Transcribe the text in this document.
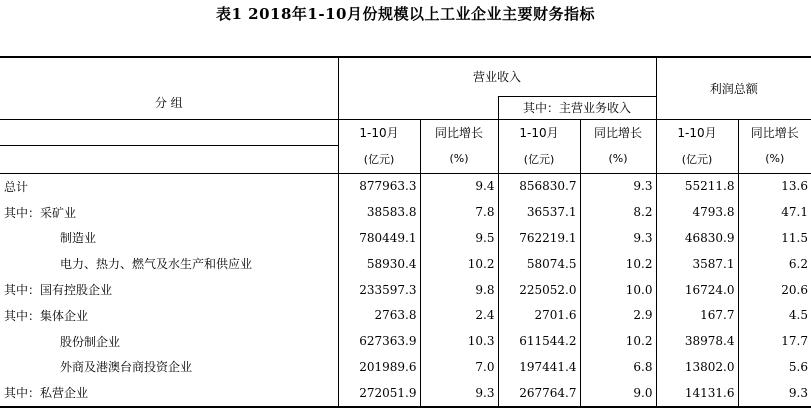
表1 2018年1-10月份规模以上工业企业主要财务指标
分 组	营业收入				利润总额	
			其中：主营业务收入			
	1-10月	同比增长	1-10月	同比增长	1-10月	同比增长
	(亿元)	(%)	(亿元)	(%)	(亿元)	(%)
总计	877963.3	9.4	856830.7	9.3	55211.8	13.6
其中：采矿业	38583.8	7.8	36537.1	8.2	4793.8	47.1
制造业	780449.1	9.5	762219.1	9.3	46830.9	11.5
电力、热力、燃气及水生产和供应业	58930.4	10.2	58074.5	10.2	3587.1	6.2
其中：国有控股企业	233597.3	9.8	225052.0	10.0	16724.0	20.6
其中：集体企业	2763.8	2.4	2701.6	2.9	167.7	4.5
股份制企业	627363.9	10.3	611544.2	10.2	38978.4	17.7
外商及港澳台商投资企业	201989.6	7.0	197441.4	6.8	13802.0	5.6
其中：私营企业	272051.9	9.3	267764.7	9.0	14131.6	9.3
